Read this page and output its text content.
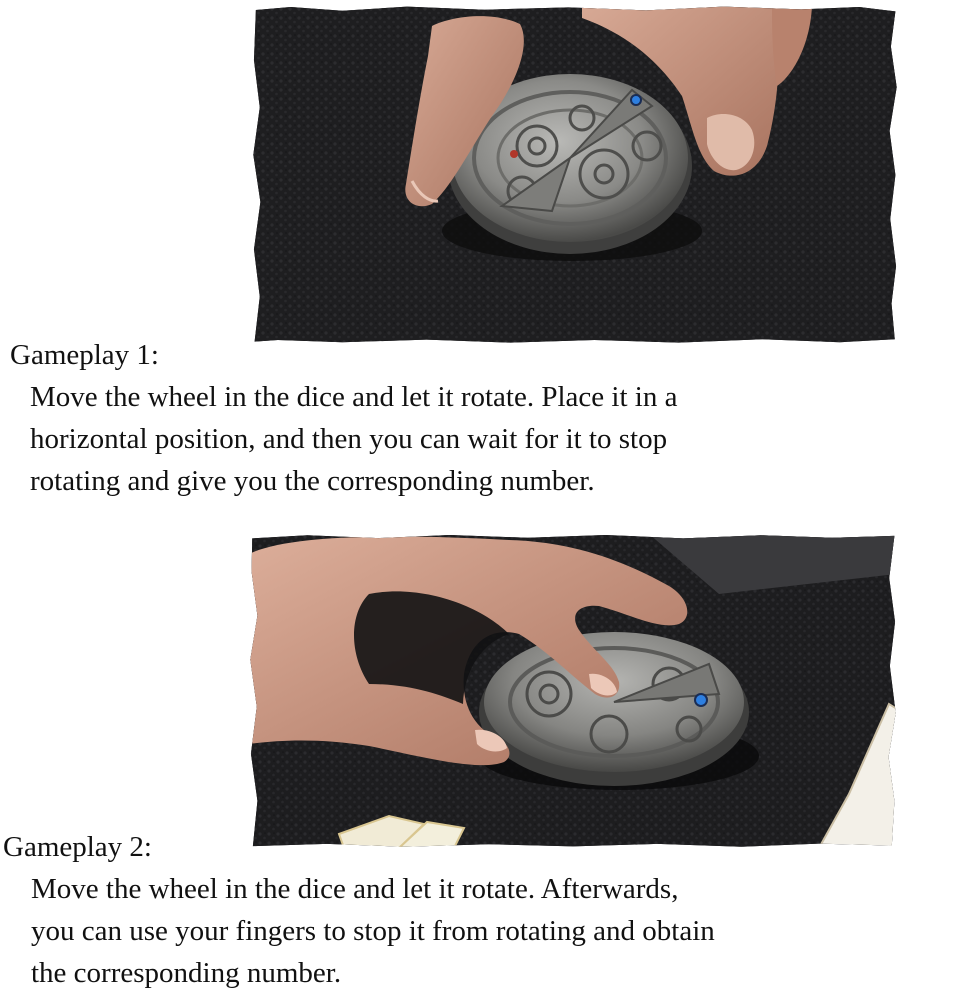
Gameplay 1:
Move the wheel in the dice and let it rotate. Place it in a
horizontal position, and then you can wait for it to stop
rotating and give you the corresponding number.
Gameplay 2:
Move the wheel in the dice and let it rotate. Afterwards,
you can use your fingers to stop it from rotating and obtain
the corresponding number.
